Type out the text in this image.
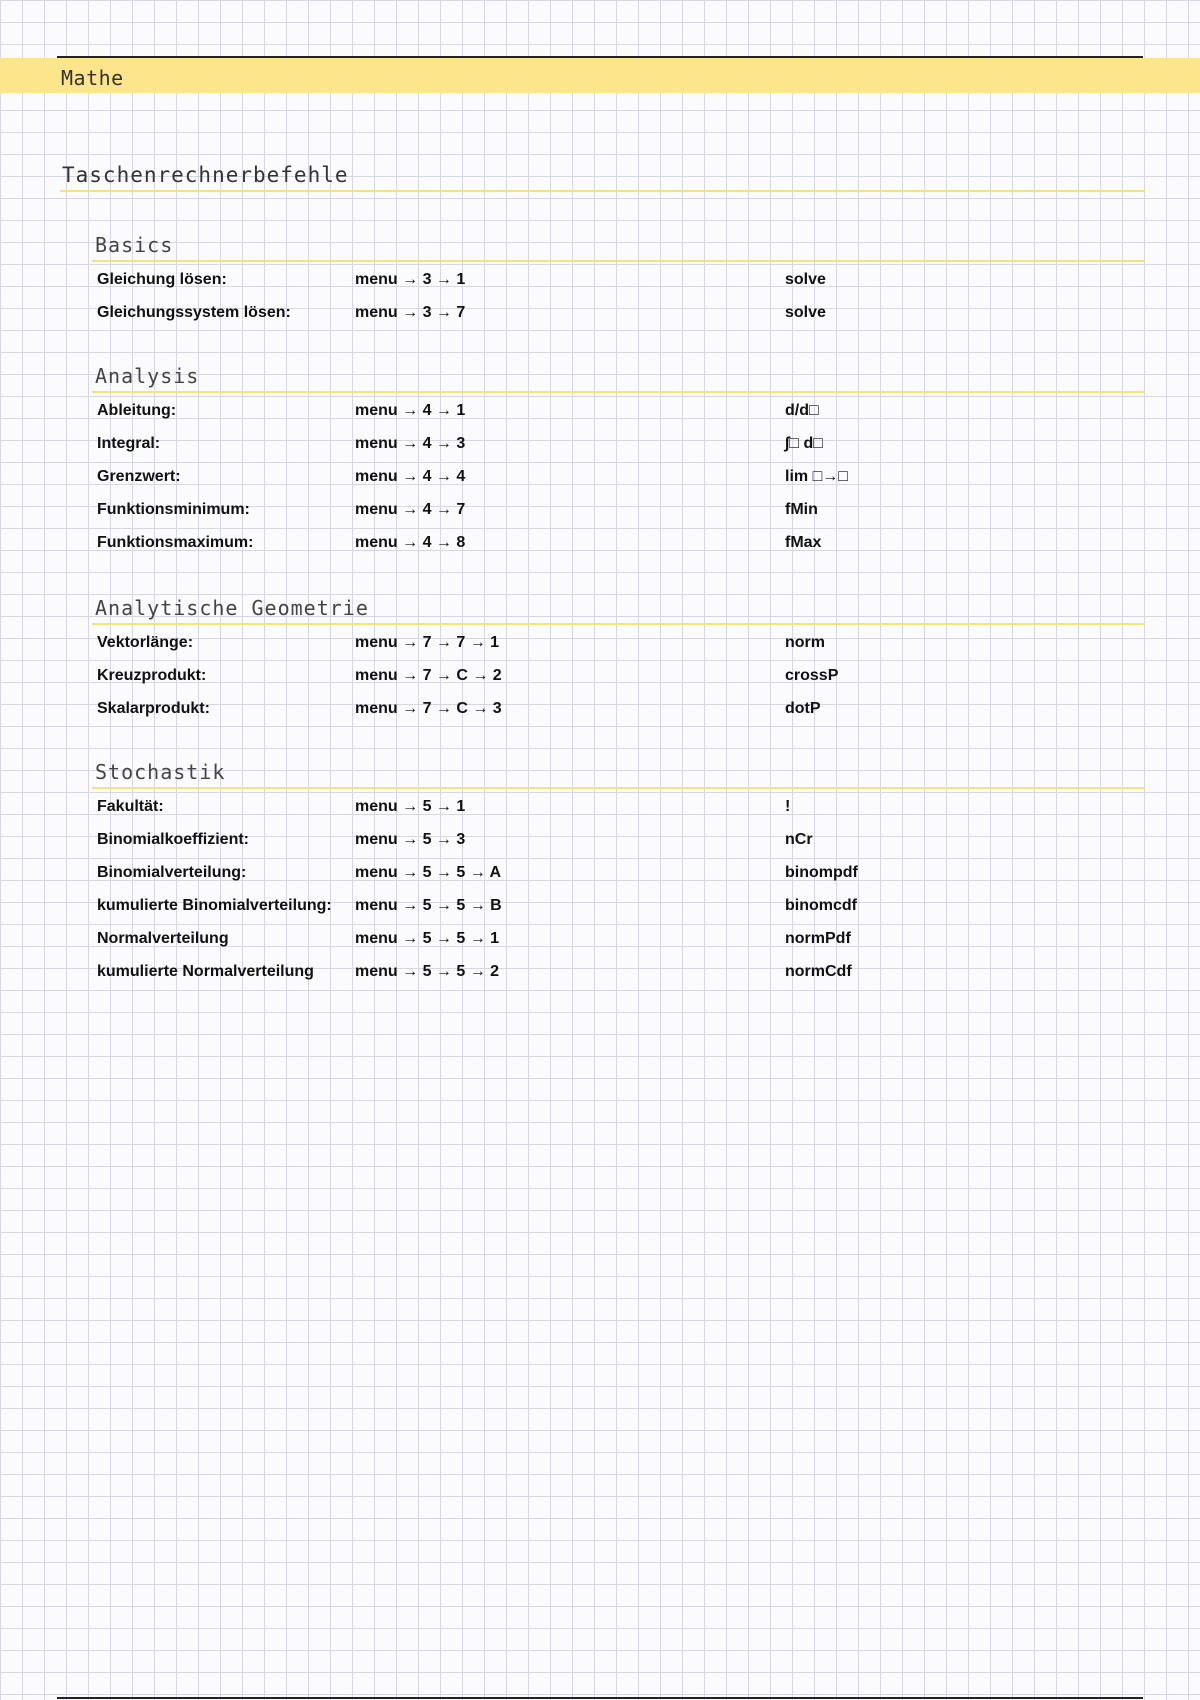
Mathe
Taschenrechnerbefehle
Basics
Gleichung lösen:	menu → 3 → 1	solve
Gleichungssystem lösen:	menu → 3 → 7	solve
Analysis
Ableitung:	menu → 4 → 1	d/d□
Integral:	menu → 4 → 3	∫□ d□
Grenzwert:	menu → 4 → 4	lim □→□
Funktionsminimum:	menu → 4 → 7	fMin
Funktionsmaximum:	menu → 4 → 8	fMax
Analytische Geometrie
Vektorlänge:	menu → 7 → 7 → 1	norm
Kreuzprodukt:	menu → 7 → C → 2	crossP
Skalarprodukt:	menu → 7 → C → 3	dotP
Stochastik
Fakultät:	menu → 5 → 1	!
Binomialkoeffizient:	menu → 5 → 3	nCr
Binomialverteilung:	menu → 5 → 5 → A	binompdf
kumulierte Binomialverteilung: menu → 5 → 5 → B	binomcdf
Normalverteilung	menu → 5 → 5 → 1	normPdf
kumulierte Normalverteilung	menu → 5 → 5 → 2	normCdf
